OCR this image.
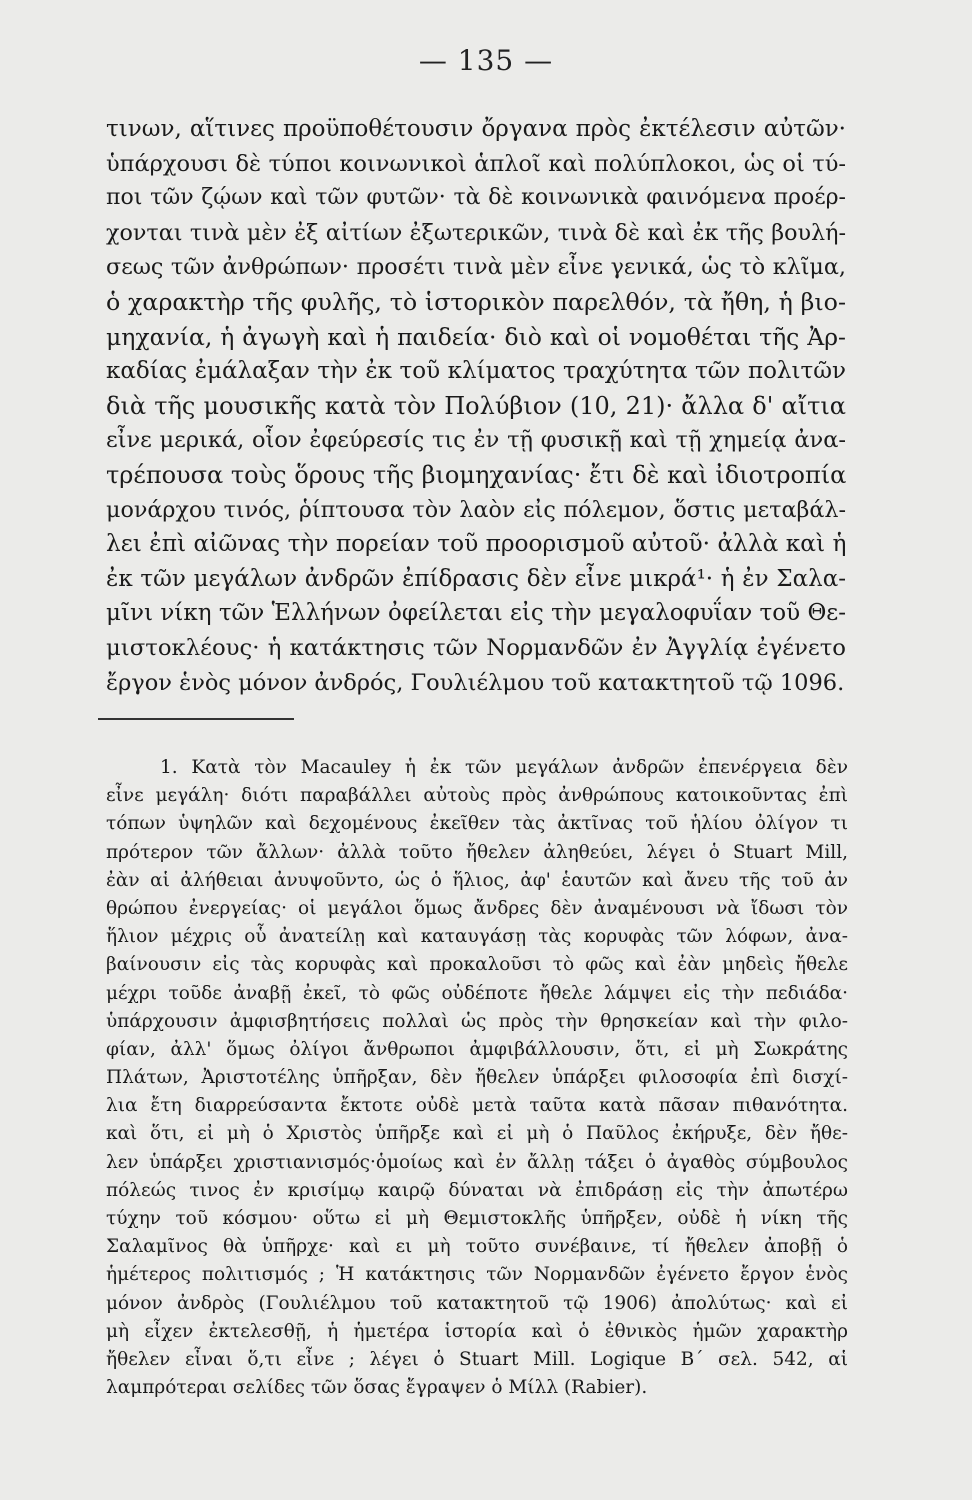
— 135 —
τινων, αἵτινες προϋποθέτουσιν ὄργανα πρὸς ἐκτέλεσιν αὐτῶν·
ὑπάρχουσι δὲ τύποι κοινωνικοὶ ἁπλοῖ καὶ πολύπλοκοι, ὡς οἱ τύ-
ποι τῶν ζῴων καὶ τῶν φυτῶν· τὰ δὲ κοινωνικὰ φαινόμενα προέρ-
χονται τινὰ μὲν ἐξ αἰτίων ἐξωτερικῶν, τινὰ δὲ καὶ ἐκ τῆς βουλή-
σεως τῶν ἀνθρώπων· προσέτι τινὰ μὲν εἶνε γενικά, ὡς τὸ κλῖμα,
ὁ χαρακτὴρ τῆς φυλῆς, τὸ ἱστορικὸν παρελθόν, τὰ ἤθη, ἡ βιο-
μηχανία, ἡ ἀγωγὴ καὶ ἡ παιδεία· διὸ καὶ οἱ νομοθέται τῆς Ἀρ-
καδίας ἐμάλαξαν τὴν ἐκ τοῦ κλίματος τραχύτητα τῶν πολιτῶν
διὰ τῆς μουσικῆς κατὰ τὸν Πολύβιον (10, 21)· ἄλλα δ' αἴτια
εἶνε μερικά, οἷον ἐφεύρεσίς τις ἐν τῇ φυσικῇ καὶ τῇ χημείᾳ ἀνα-
τρέπουσα τοὺς ὅρους τῆς βιομηχανίας· ἔτι δὲ καὶ ἰδιοτροπία
μονάρχου τινός, ῥίπτουσα τὸν λαὸν εἰς πόλεμον, ὅστις μεταβάλ-
λει ἐπὶ αἰῶνας τὴν πορείαν τοῦ προορισμοῦ αὐτοῦ· ἀλλὰ καὶ ἡ
ἐκ τῶν μεγάλων ἀνδρῶν ἐπίδρασις δὲν εἶνε μικρά¹· ἡ ἐν Σαλα-
μῖνι νίκη τῶν Ἑλλήνων ὀφείλεται εἰς τὴν μεγαλοφυΐαν τοῦ Θε-
μιστοκλέους· ἡ κατάκτησις τῶν Νορμανδῶν ἐν Ἀγγλίᾳ ἐγένετο
ἔργον ἑνὸς μόνον ἀνδρός, Γουλιέλμου τοῦ κατακτητοῦ τῷ 1096.
1. Κατὰ τὸν Macauley ἡ ἐκ τῶν μεγάλων ἀνδρῶν ἐπενέργεια δὲν
εἶνε μεγάλη· διότι παραβάλλει αὐτοὺς πρὸς ἀνθρώπους κατοικοῦντας ἐπὶ
τόπων ὑψηλῶν καὶ δεχομένους ἐκεῖθεν τὰς ἀκτῖνας τοῦ ἡλίου ὀλίγον τι
πρότερον τῶν ἄλλων· ἀλλὰ τοῦτο ἤθελεν ἀληθεύει, λέγει ὁ Stuart Mill,
ἐὰν αἱ ἀλήθειαι ἀνυψοῦντο, ὡς ὁ ἥλιος, ἀφ' ἑαυτῶν καὶ ἄνευ τῆς τοῦ ἀν
θρώπου ἐνεργείας· οἱ μεγάλοι ὅμως ἄνδρες δὲν ἀναμένουσι νὰ ἴδωσι τὸν
ἥλιον μέχρις οὗ ἀνατείλῃ καὶ καταυγάσῃ τὰς κορυφὰς τῶν λόφων, ἀνα-
βαίνουσιν εἰς τὰς κορυφὰς καὶ προκαλοῦσι τὸ φῶς καὶ ἐὰν μηδεὶς ἤθελε
μέχρι τοῦδε ἀναβῇ ἐκεῖ, τὸ φῶς οὐδέποτε ἤθελε λάμψει εἰς τὴν πεδιάδα·
ὑπάρχουσιν ἀμφισβητήσεις πολλαὶ ὡς πρὸς τὴν θρησκείαν καὶ τὴν φιλο-
φίαν, ἀλλ' ὅμως ὀλίγοι ἄνθρωποι ἀμφιβάλλουσιν, ὅτι, εἰ μὴ Σωκράτης
Πλάτων, Ἀριστοτέλης ὑπῆρξαν, δὲν ἤθελεν ὑπάρξει φιλοσοφία ἐπὶ δισχί-
λια ἔτη διαρρεύσαντα ἔκτοτε οὐδὲ μετὰ ταῦτα κατὰ πᾶσαν πιθανότητα.
καὶ ὅτι, εἰ μὴ ὁ Χριστὸς ὑπῆρξε καὶ εἰ μὴ ὁ Παῦλος ἐκήρυξε, δὲν ἤθε-
λεν ὑπάρξει χριστιανισμός·ὁμοίως καὶ ἐν ἄλλῃ τάξει ὁ ἀγαθὸς σύμβουλος
πόλεώς τινος ἐν κρισίμῳ καιρῷ δύναται νὰ ἐπιδράσῃ εἰς τὴν ἀπωτέρω
τύχην τοῦ κόσμου· οὕτω εἰ μὴ Θεμιστοκλῆς ὑπῆρξεν, οὐδὲ ἡ νίκη τῆς
Σαλαμῖνος θὰ ὑπῆρχε· καὶ ει μὴ τοῦτο συνέβαινε, τί ἤθελεν ἀποβῇ ὁ
ἡμέτερος πολιτισμός ; Ἡ κατάκτησις τῶν Νορμανδῶν ἐγένετο ἔργον ἑνὸς
μόνον ἀνδρὸς (Γουλιέλμου τοῦ κατακτητοῦ τῷ 1906) ἀπολύτως· καὶ εἰ
μὴ εἶχεν ἐκτελεσθῇ, ἡ ἡμετέρα ἱστορία καὶ ὁ ἐθνικὸς ἡμῶν χαρακτὴρ
ἤθελεν εἶναι ὅ,τι εἶνε ; λέγει ὁ Stuart Mill. Logique B΄ σελ. 542, αἱ
λαμπρότεραι σελίδες τῶν ὅσας ἔγραψεν ὁ Μίλλ (Rabier).
